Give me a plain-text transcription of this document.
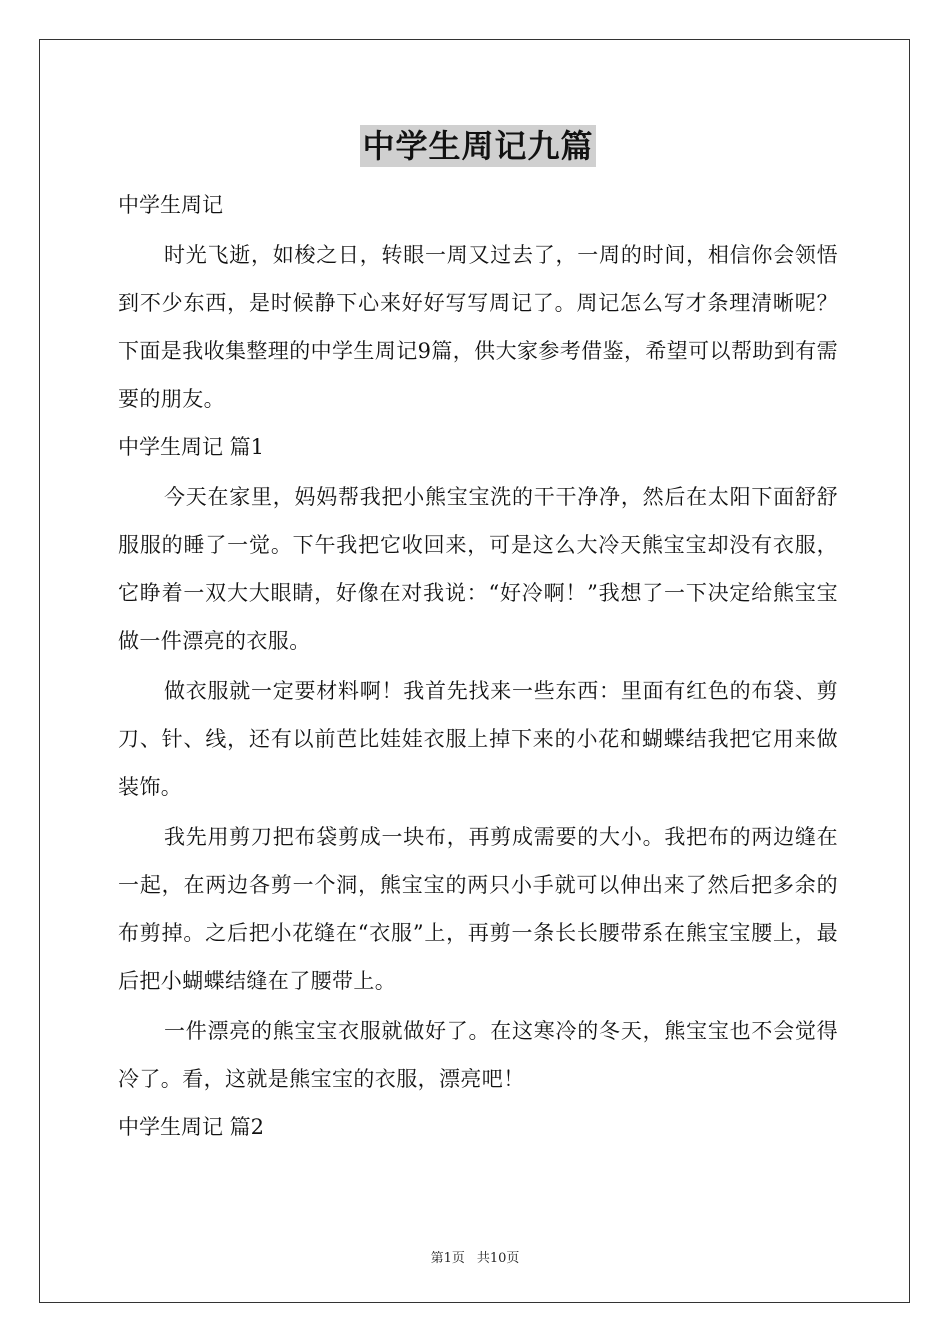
中学生周记九篇

中学生周记

时光飞逝，如梭之日，转眼一周又过去了，一周的时间，相信你会领悟到不少东西，是时候静下心来好好写写周记了。周记怎么写才条理清晰呢？下面是我收集整理的中学生周记9篇，供大家参考借鉴，希望可以帮助到有需要的朋友。

中学生周记 篇1

今天在家里，妈妈帮我把小熊宝宝洗的干干净净，然后在太阳下面舒舒服服的睡了一觉。下午我把它收回来，可是这么大冷天熊宝宝却没有衣服，它睁着一双大大眼睛，好像在对我说：“好冷啊！”我想了一下决定给熊宝宝做一件漂亮的衣服。

做衣服就一定要材料啊！我首先找来一些东西：里面有红色的布袋、剪刀、针、线，还有以前芭比娃娃衣服上掉下来的小花和蝴蝶结我把它用来做装饰。

我先用剪刀把布袋剪成一块布，再剪成需要的大小。我把布的两边缝在一起，在两边各剪一个洞，熊宝宝的两只小手就可以伸出来了然后把多余的布剪掉。之后把小花缝在“衣服”上，再剪一条长长腰带系在熊宝宝腰上，最后把小蝴蝶结缝在了腰带上。

一件漂亮的熊宝宝衣服就做好了。在这寒冷的冬天，熊宝宝也不会觉得冷了。看，这就是熊宝宝的衣服，漂亮吧！

中学生周记 篇2

第1页 共10页
